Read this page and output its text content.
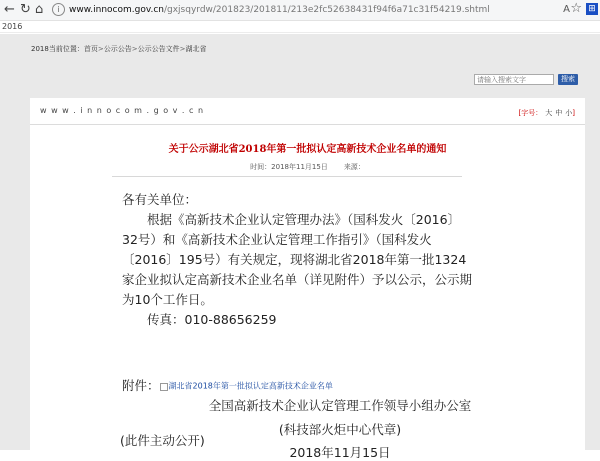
← ↻ ⌂	i www.innocom.gov.cn/gxjsqyrdw/201823/201811/213e2fc52638431f94f6a71c31f54219.shtml	A ☆ ⊞
2016
2018当前位置：首页>公示公告>公示公告文件>湖北省
请输入搜索文字
搜索
w w w . i n n o c o m . g o v . c n	[字号： 大 中 小]
关于公示湖北省2018年第一批拟认定高新技术企业名单的通知
时间：2018年11月15日 来源：
各有关单位：
根据《高新技术企业认定管理办法》（国科发火〔2016〕32号）和《高新技术企业认定管理工作指引》（国科发火〔2016〕195号）有关规定，现将湖北省2018年第一批1324家企业拟认定高新技术企业名单（详见附件）予以公示，公示期为10个工作日。
传真：010-88656259
附件： 湖北省2018年第一批拟认定高新技术企业名单
全国高新技术企业认定管理工作领导小组办公室
(科技部火炬中心代章)
2018年11月15日
(此件主动公开)
